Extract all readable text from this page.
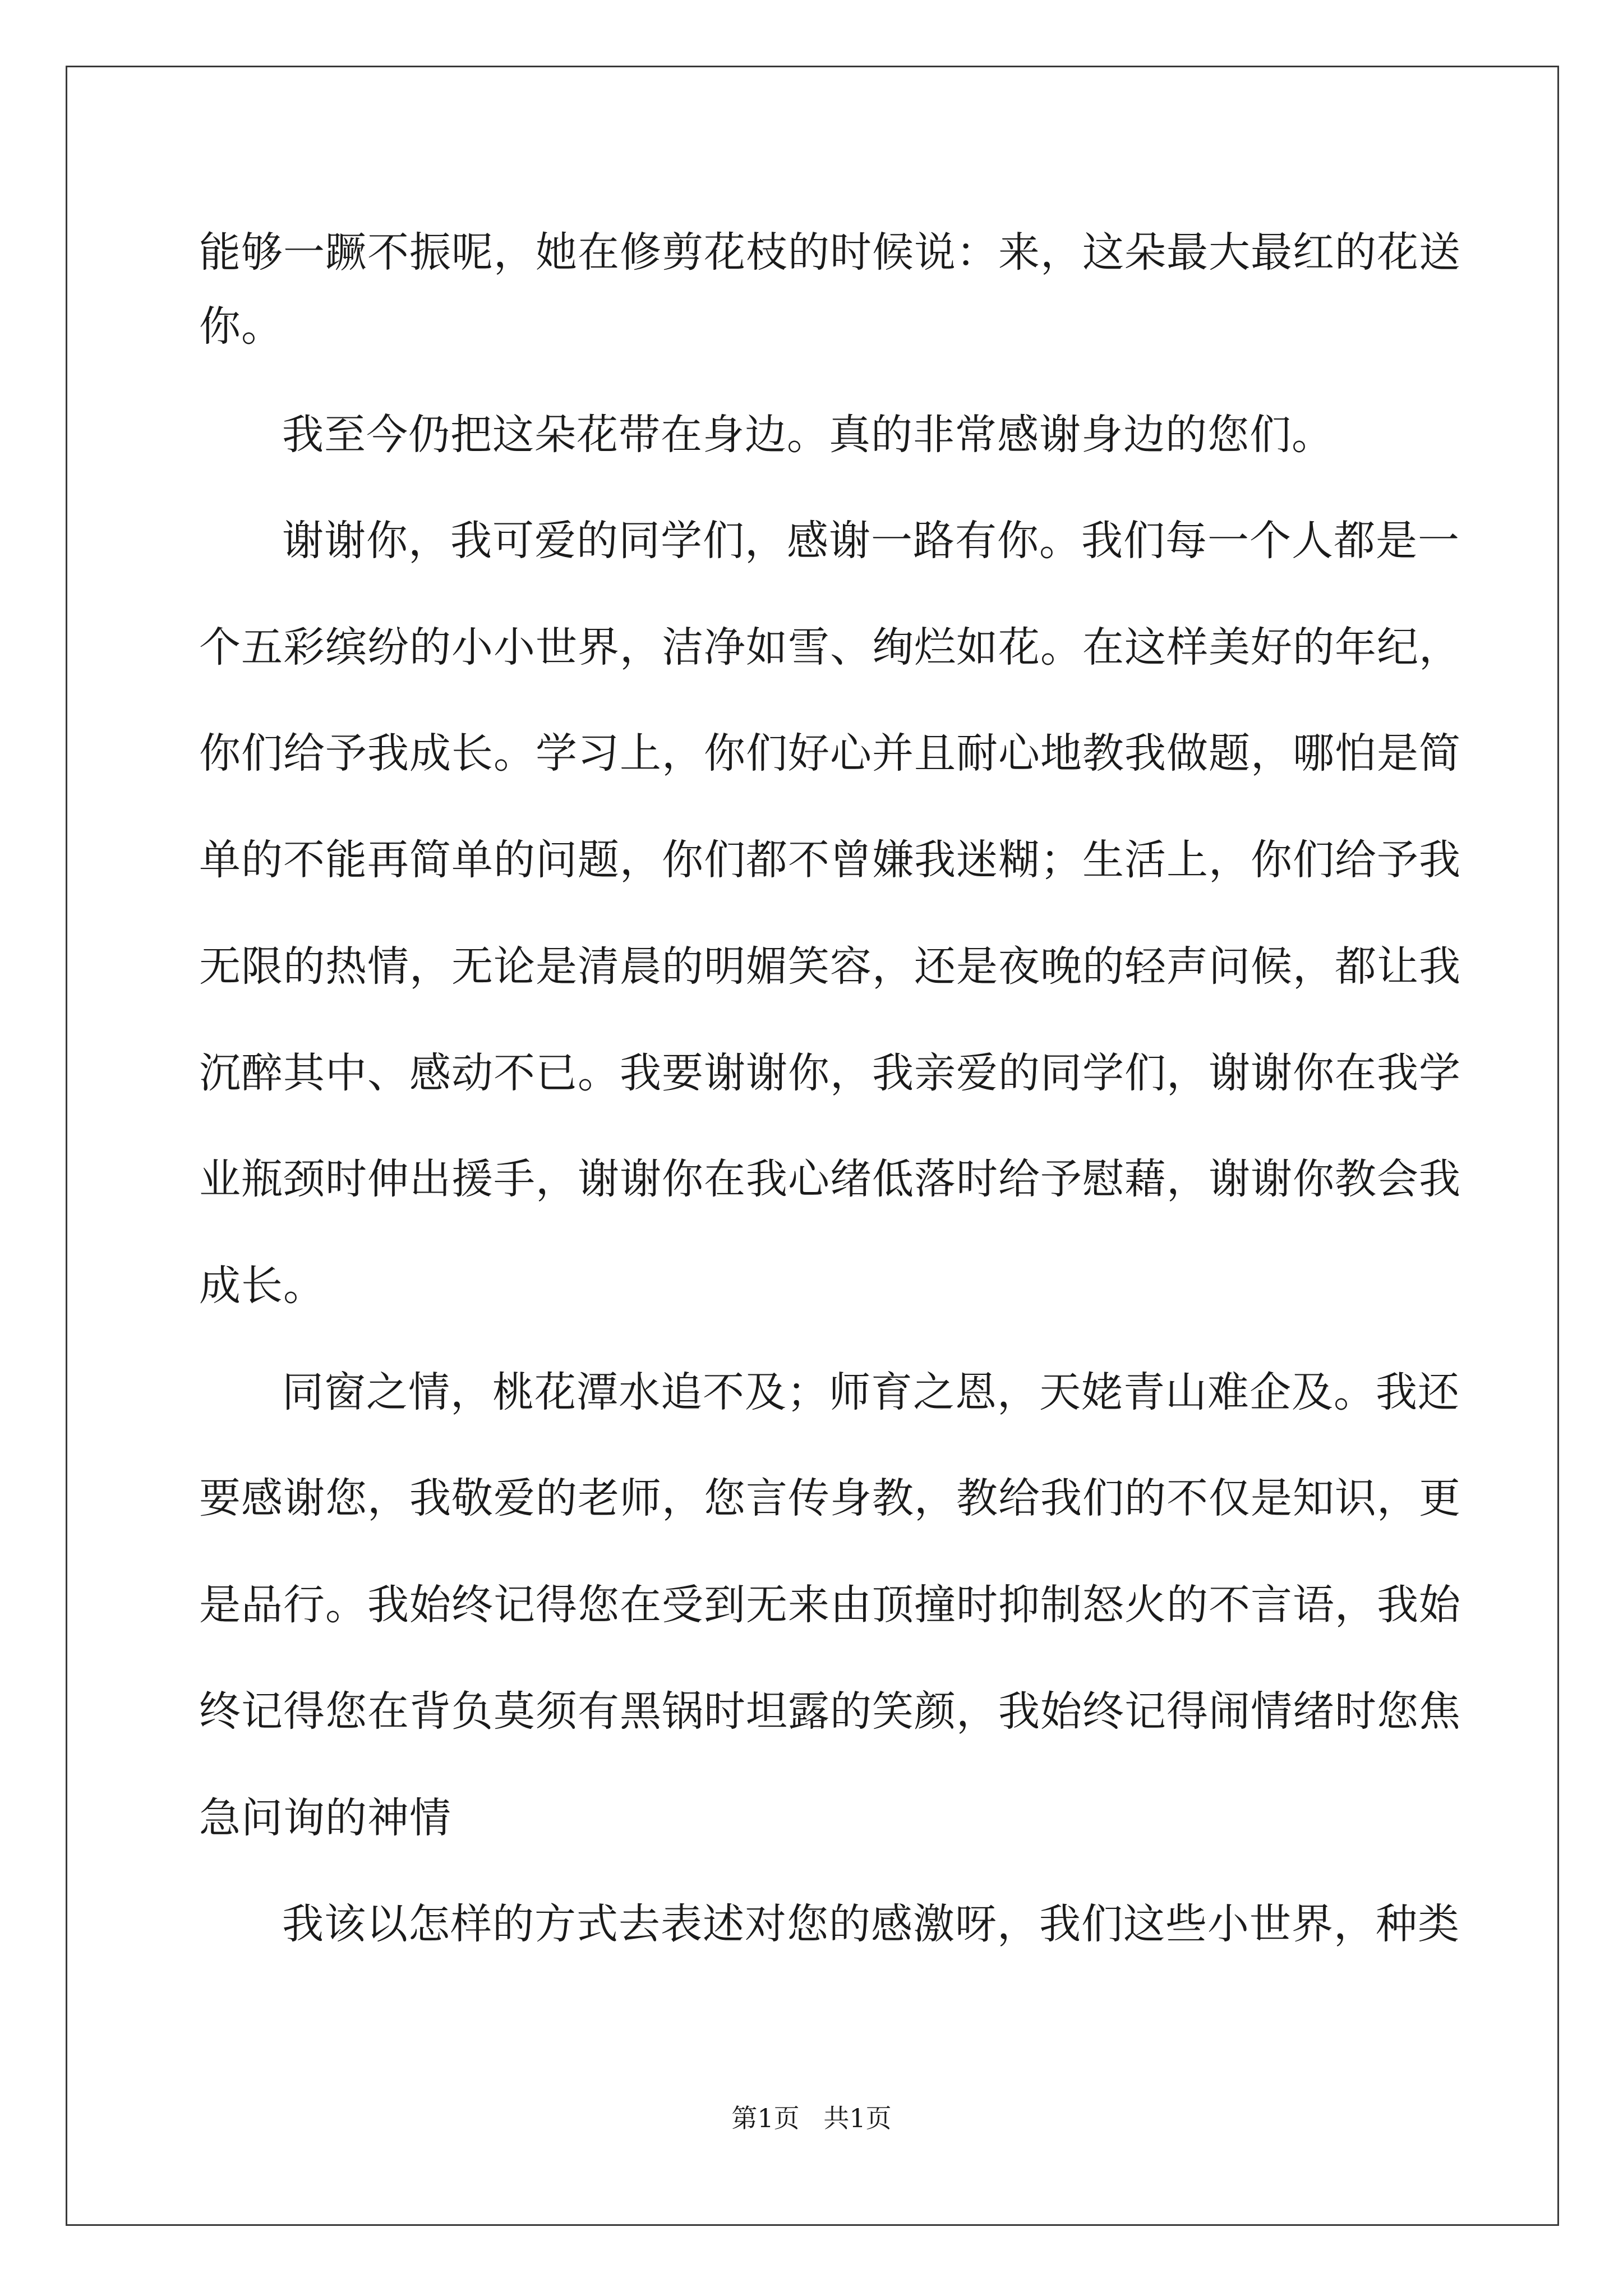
能够一蹶不振呢，她在修剪花枝的时候说：来，这朵最大最红的花送
你。
我至今仍把这朵花带在身边。真的非常感谢身边的您们。
谢谢你，我可爱的同学们，感谢一路有你。我们每一个人都是一
个五彩缤纷的小小世界，洁净如雪、绚烂如花。在这样美好的年纪，
你们给予我成长。学习上，你们好心并且耐心地教我做题，哪怕是简
单的不能再简单的问题，你们都不曾嫌我迷糊；生活上，你们给予我
无限的热情，无论是清晨的明媚笑容，还是夜晚的轻声问候，都让我
沉醉其中、感动不已。我要谢谢你，我亲爱的同学们，谢谢你在我学
业瓶颈时伸出援手，谢谢你在我心绪低落时给予慰藉，谢谢你教会我
成长。
同窗之情，桃花潭水追不及；师育之恩，天姥青山难企及。我还
要感谢您，我敬爱的老师，您言传身教，教给我们的不仅是知识，更
是品行。我始终记得您在受到无来由顶撞时抑制怒火的不言语，我始
终记得您在背负莫须有黑锅时坦露的笑颜，我始终记得闹情绪时您焦
急问询的神情
我该以怎样的方式去表述对您的感激呀，我们这些小世界，种类
第1页 共1页
